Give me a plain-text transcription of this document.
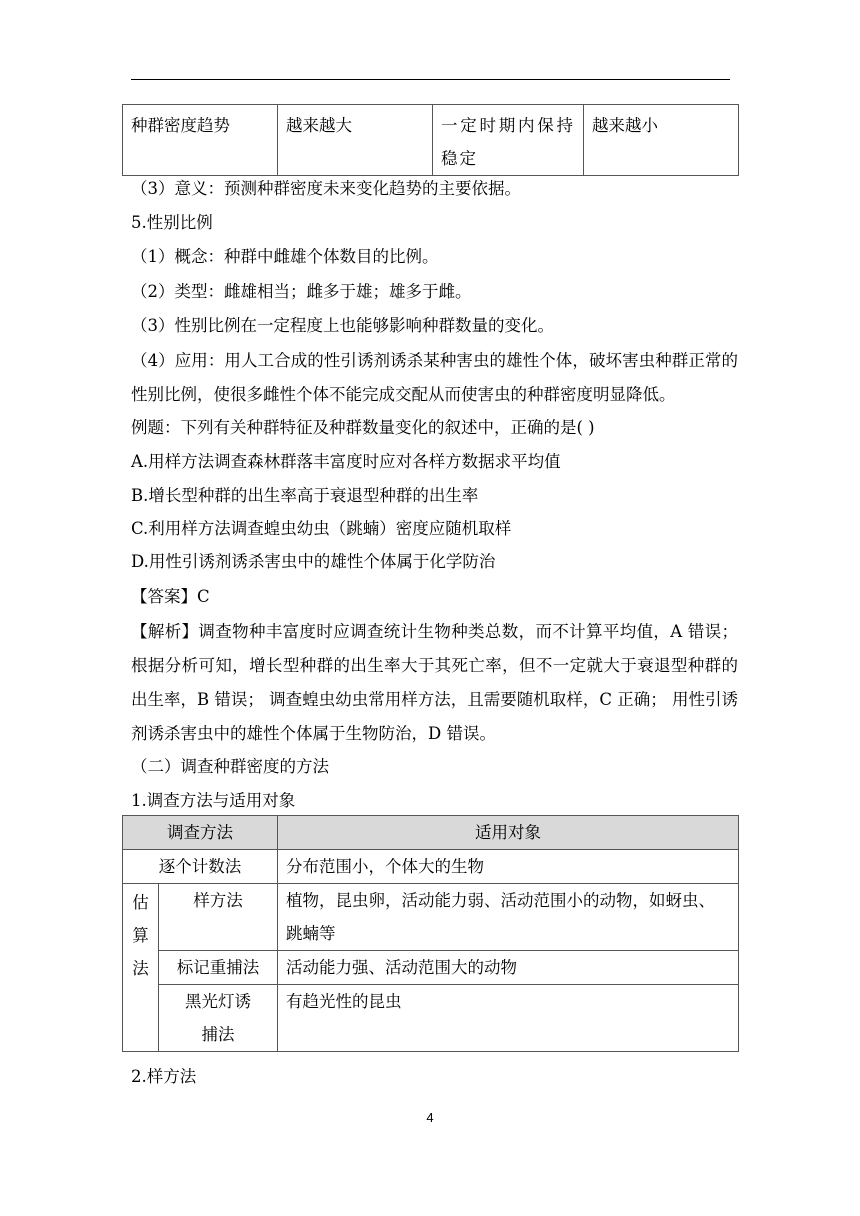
种群密度趋势	越来越大	一定时期内保持稳定	越来越小
（3）意义：预测种群密度未来变化趋势的主要依据。
5.性别比例
（1）概念：种群中雌雄个体数目的比例。
（2）类型：雌雄相当；雌多于雄；雄多于雌。
（3）性别比例在一定程度上也能够影响种群数量的变化。
（4）应用：用人工合成的性引诱剂诱杀某种害虫的雄性个体，破坏害虫种群正常的性别比例，使很多雌性个体不能完成交配从而使害虫的种群密度明显降低。
例题：下列有关种群特征及种群数量变化的叙述中，正确的是( )
A.用样方法调查森林群落丰富度时应对各样方数据求平均值
B.增长型种群的出生率高于衰退型种群的出生率
C.利用样方法调查蝗虫幼虫（跳蝻）密度应随机取样
D.用性引诱剂诱杀害虫中的雄性个体属于化学防治
【答案】C
【解析】调查物种丰富度时应调查统计生物种类总数，而不计算平均值，A 错误；根据分析可知，增长型种群的出生率大于其死亡率，但不一定就大于衰退型种群的出生率，B 错误； 调查蝗虫幼虫常用样方法，且需要随机取样，C 正确； 用性引诱剂诱杀害虫中的雄性个体属于生物防治，D 错误。
（二）调查种群密度的方法
1.调查方法与适用对象
调查方法		适用对象
逐个计数法		分布范围小，个体大的生物

估
算
法	样方法	植物，昆虫卵，活动能力弱、活动范围小的动物，如蚜虫、跳蝻等
	标记重捕法	活动能力强、活动范围大的动物
	黑光灯诱捕法	有趋光性的昆虫
2.样方法
4
